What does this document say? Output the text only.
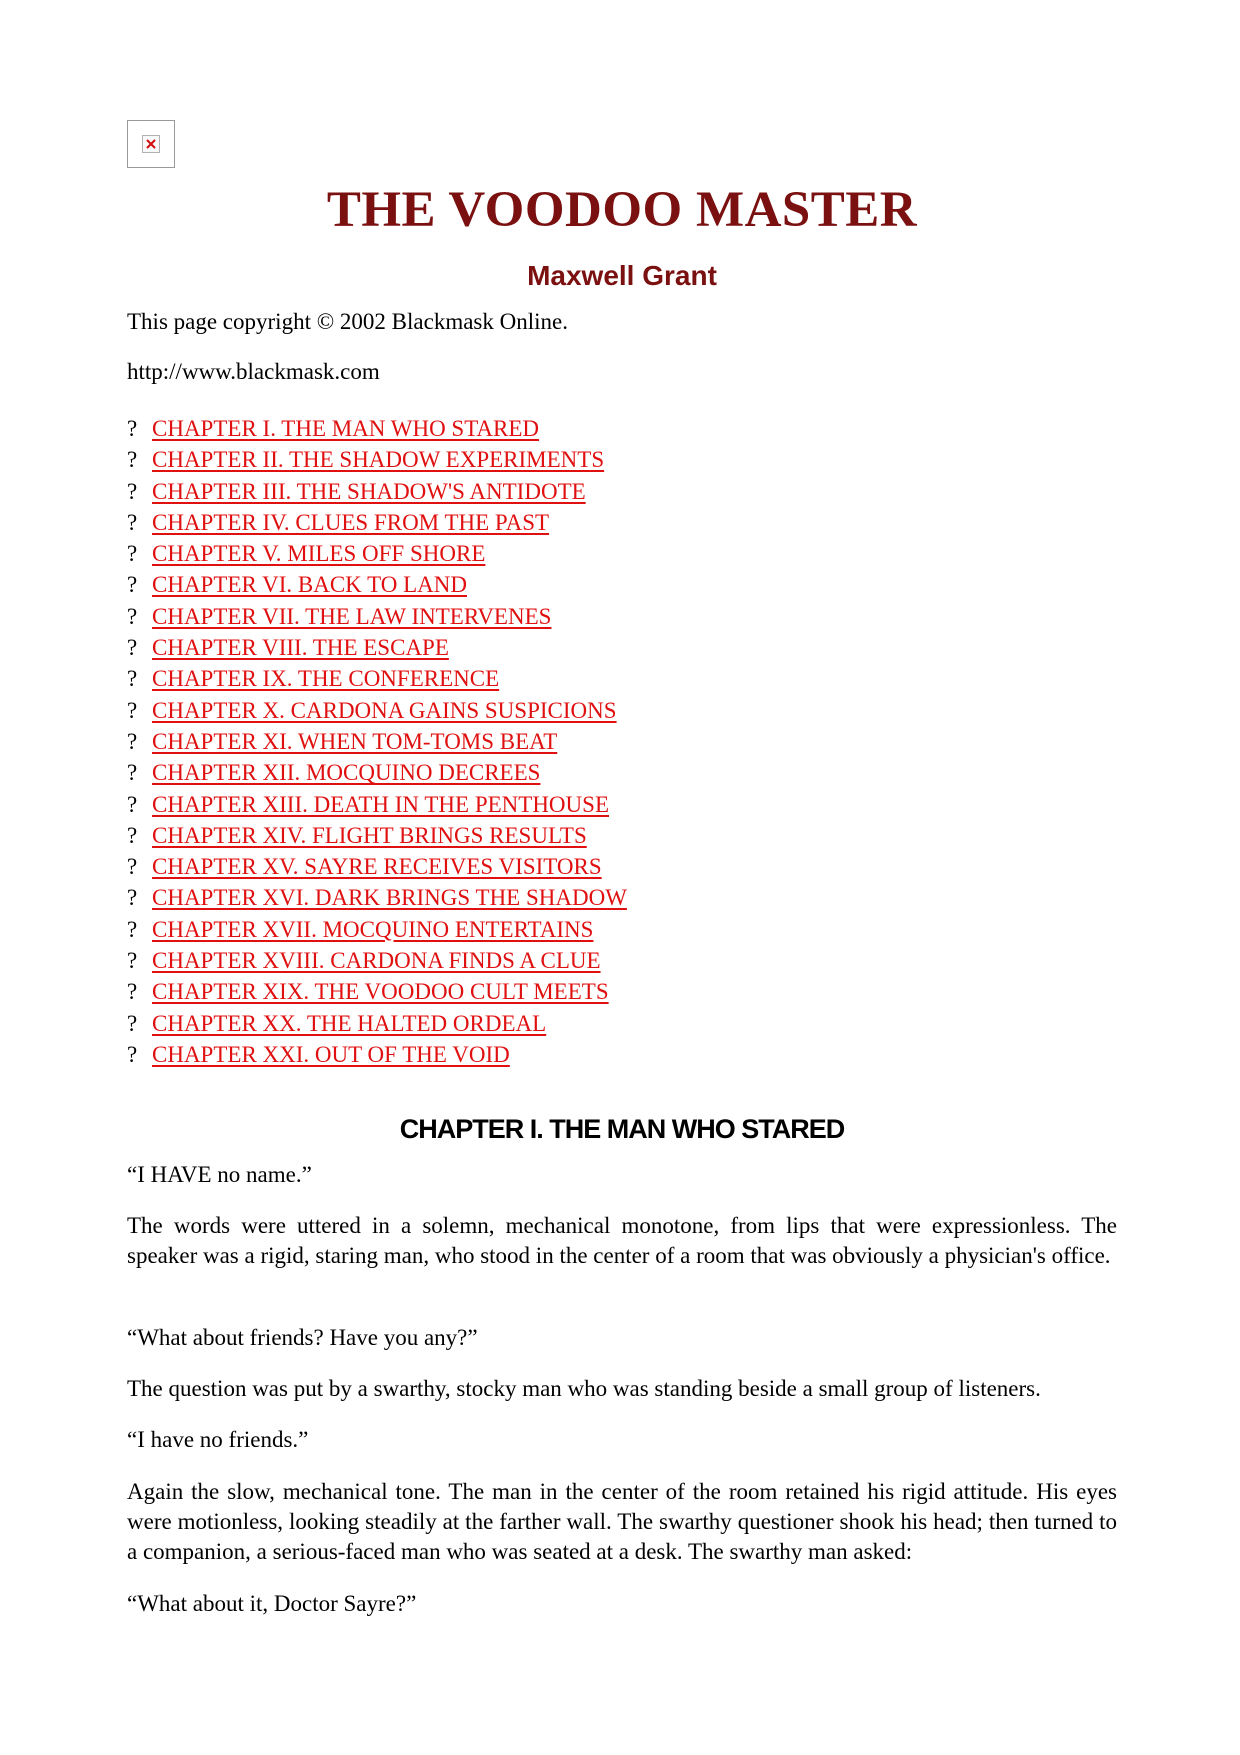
THE VOODOO MASTER
Maxwell Grant

This page copyright © 2002 Blackmask Online.

http://www.blackmask.com

? CHAPTER I. THE MAN WHO STARED
? CHAPTER II. THE SHADOW EXPERIMENTS
? CHAPTER III. THE SHADOW'S ANTIDOTE
? CHAPTER IV. CLUES FROM THE PAST
? CHAPTER V. MILES OFF SHORE
? CHAPTER VI. BACK TO LAND
? CHAPTER VII. THE LAW INTERVENES
? CHAPTER VIII. THE ESCAPE
? CHAPTER IX. THE CONFERENCE
? CHAPTER X. CARDONA GAINS SUSPICIONS
? CHAPTER XI. WHEN TOM-TOMS BEAT
? CHAPTER XII. MOCQUINO DECREES
? CHAPTER XIII. DEATH IN THE PENTHOUSE
? CHAPTER XIV. FLIGHT BRINGS RESULTS
? CHAPTER XV. SAYRE RECEIVES VISITORS
? CHAPTER XVI. DARK BRINGS THE SHADOW
? CHAPTER XVII. MOCQUINO ENTERTAINS
? CHAPTER XVIII. CARDONA FINDS A CLUE
? CHAPTER XIX. THE VOODOO CULT MEETS
? CHAPTER XX. THE HALTED ORDEAL
? CHAPTER XXI. OUT OF THE VOID
CHAPTER I. THE MAN WHO STARED

“I HAVE no name.”

The words were uttered in a solemn, mechanical monotone, from lips that were expressionless. The speaker was a rigid, staring man, who stood in the center of a room that was obviously a physician's office.

“What about friends? Have you any?”

The question was put by a swarthy, stocky man who was standing beside a small group of listeners.

“I have no friends.”

Again the slow, mechanical tone. The man in the center of the room retained his rigid attitude. His eyes were motionless, looking steadily at the farther wall. The swarthy questioner shook his head; then turned to a companion, a serious-faced man who was seated at a desk. The swarthy man asked:

“What about it, Doctor Sayre?”
